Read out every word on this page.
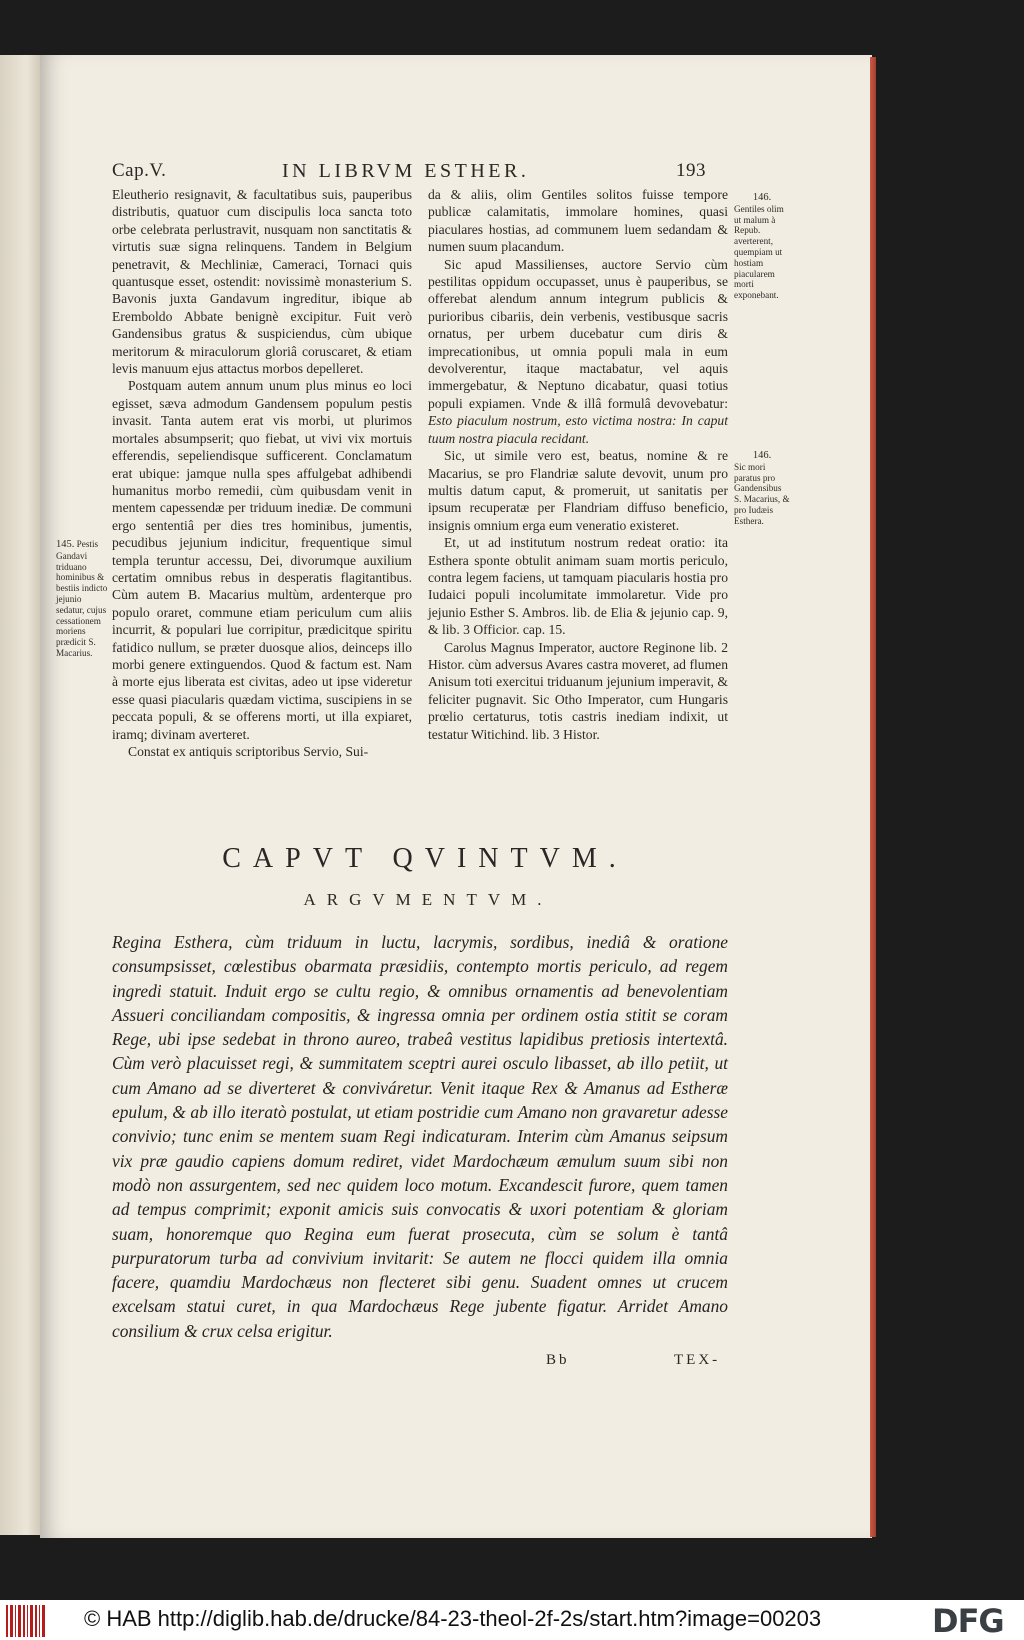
Cap.V.	IN LIBRVM ESTHER.	193

Eleutherio resignavit, & facultatibus suis, pauperibus distributis, quatuor cum discipulis loca sancta toto orbe celebrata perlustravit, nusquam non sanctitatis & virtutis suæ signa relinquens. Tandem in Belgium penetravit, & Mechliniæ, Cameraci, Tornaci quis quantusque esset, ostendit: novissimè monasterium S. Bavonis juxta Gandavum ingreditur, ibique ab Eremboldo Abbate benignè excipitur. Fuit verò Gandensibus gratus & suspiciendus, cùm ubique meritorum & miraculorum gloriâ coruscaret, & etiam levis manuum ejus attactus morbos depelleret.

Postquam autem annum unum plus minus eo loci egisset, sæva admodum Gandensem populum pestis invasit. Tanta autem erat vis morbi, ut plurimos mortales absumpserit; quo fiebat, ut vivi vix mortuis efferendis, sepeliendisque sufficerent. Conclamatum erat ubique: jamque nulla spes affulgebat adhibendi humanitus morbo remedii, cùm quibusdam venit in mentem capessendæ per triduum inediæ. De communi ergo sententiâ per dies tres hominibus, jumentis, pecudibus jejunium indicitur, frequentique simul templa teruntur accessu, Dei, divorumque auxilium certatim omnibus rebus in desperatis flagitantibus. Cùm autem B. Macarius multùm, ardenterque pro populo oraret, commune etiam periculum cum aliis incurrit, & populari lue corripitur, prædicitque spiritu fatidico nullum, se præter duosque alios, deinceps illo morbi genere extinguendos. Quod & factum est. Nam à morte ejus liberata est civitas, adeo ut ipse videretur esse quasi piacularis quædam victima, suscipiens in se peccata populi, & se offerens morti, ut illa expiaret, iramq; divinam averteret.

Constat ex antiquis scriptoribus Servio, Sui-

da & aliis, olim Gentiles solitos fuisse tempore publicæ calamitatis, immolare homines, quasi piaculares hostias, ad communem luem sedandam & numen suum placandum.

Sic apud Massilienses, auctore Servio cùm pestilitas oppidum occupasset, unus è pauperibus, se offerebat alendum annum integrum publicis & purioribus cibariis, dein verbenis, vestibusque sacris ornatus, per urbem ducebatur cum diris & imprecationibus, ut omnia populi mala in eum devolverentur, itaque mactabatur, vel aquis immergebatur, & Neptuno dicabatur, quasi totius populi expiamen. Vnde & illâ formulâ devovebatur: Esto piaculum nostrum, esto victima nostra: In caput tuum nostra piacula recidant.

Sic, ut simile vero est, beatus, nomine & re Macarius, se pro Flandriæ salute devovit, unum pro multis datum caput, & promeruit, ut sanitatis per ipsum recuperatæ per Flandriam diffuso beneficio, insignis omnium erga eum veneratio existeret.

Et, ut ad institutum nostrum redeat oratio: ita Esthera sponte obtulit animam suam mortis periculo, contra legem faciens, ut tamquam piacularis hostia pro Iudaici populi incolumitate immolaretur. Vide pro jejunio Esther S. Ambros. lib. de Elia & jejunio cap. 9, & lib. 3 Officior. cap. 15.

Carolus Magnus Imperator, auctore Reginone lib. 2 Histor. cùm adversus Avares castra moveret, ad flumen Anisum toti exercitui triduanum jejunium imperavit, & feliciter pugnavit. Sic Otho Imperator, cum Hungaris prœlio certaturus, totis castris inediam indixit, ut testatur Witichind. lib. 3 Histor.

145. Pestis Gandavi triduano hominibus & bestiis indicto jejunio sedatur, cujus cessationem moriens prædicit S. Macarius.
146.
Gentiles olim ut malum à Repub. averterent, quempiam ut hostiam piacularem morti exponebant.
146.
Sic mori paratus pro Gandensibus S. Macarius, & pro Iudæis Esthera.
CAPVT QVINTVM.
ARGVMENTVM.
Regina Esthera, cùm triduum in luctu, lacrymis, sordibus, inediâ & oratione consumpsisset, cœlestibus obarmata præsidiis, contempto mortis periculo, ad regem ingredi statuit. Induit ergo se cultu regio, & omnibus ornamentis ad benevolentiam Assueri conciliandam compositis, & ingressa omnia per ordinem ostia stitit se coram Rege, ubi ipse sedebat in throno aureo, trabeâ vestitus lapidibus pretiosis intertextâ. Cùm verò placuisset regi, & summitatem sceptri aurei osculo libasset, ab illo petiit, ut cum Amano ad se diverteret & conviváretur. Venit itaque Rex & Amanus ad Estheræ epulum, & ab illo iteratò postulat, ut etiam postridie cum Amano non gravaretur adesse convivio; tunc enim se mentem suam Regi indicaturam. Interim cùm Amanus seipsum vix præ gaudio capiens domum rediret, videt Mardochæum æmulum suum sibi non modò non assurgentem, sed nec quidem loco motum. Excandescit furore, quem tamen ad tempus comprimit; exponit amicis suis convocatis & uxori potentiam & gloriam suam, honoremque quo Regina eum fuerat prosecuta, cùm se solum è tantâ purpuratorum turba ad convivium invitarit: Se autem ne flocci quidem illa omnia facere, quamdiu Mardochæus non flecteret sibi genu. Suadent omnes ut crucem excelsam statui curet, in qua Mardochæus Rege jubente figatur. Arridet Amano consilium & crux celsa erigitur.
Bb	TEX-
© HAB http://diglib.hab.de/drucke/84-23-theol-2f-2s/start.htm?image=00203	DFG
